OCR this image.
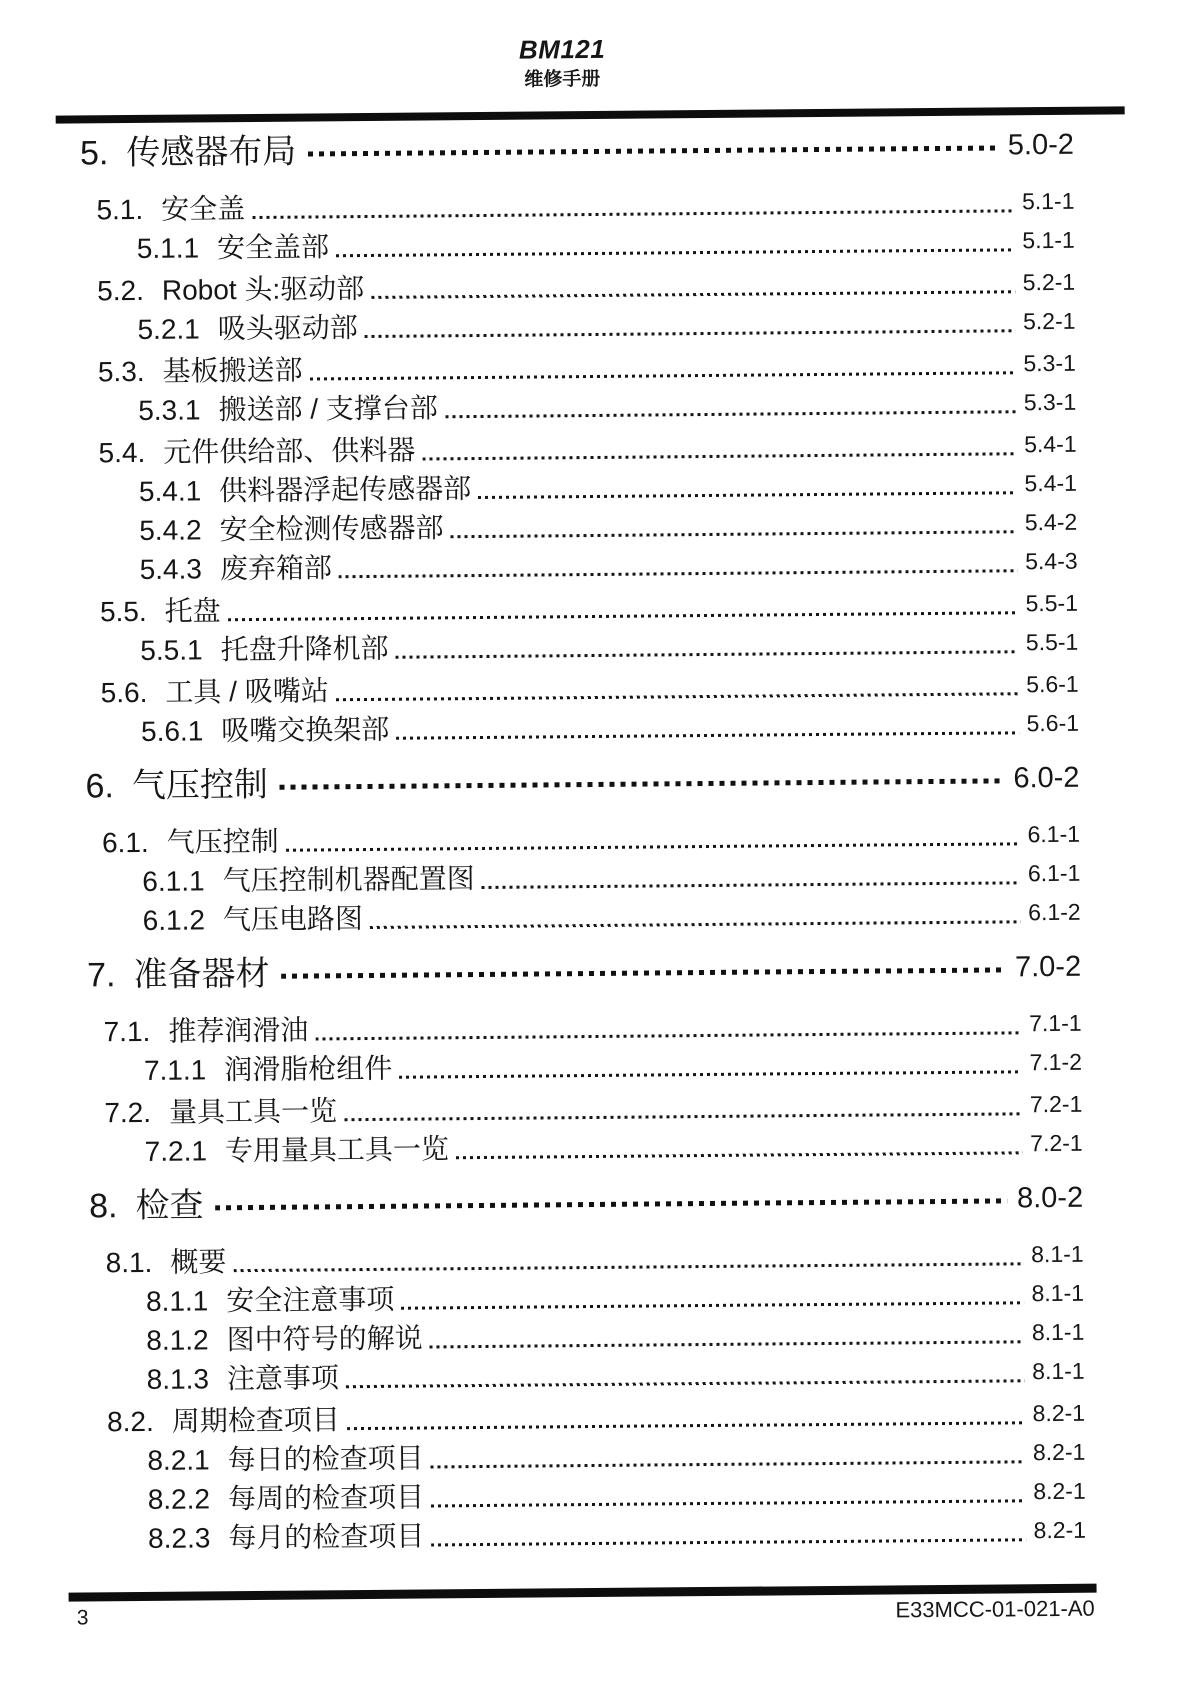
BM121
维修手册
5. 传感器布局	5.0-2
5.1. 安全盖	5.1-1
5.1.1 安全盖部	5.1-1
5.2. Robot 头:驱动部	5.2-1
5.2.1 吸头驱动部	5.2-1
5.3. 基板搬送部	5.3-1
5.3.1 搬送部 / 支撑台部	5.3-1
5.4. 元件供给部、供料器	5.4-1
5.4.1 供料器浮起传感器部	5.4-1
5.4.2 安全检测传感器部	5.4-2
5.4.3 废弃箱部	5.4-3
5.5. 托盘	5.5-1
5.5.1 托盘升降机部	5.5-1
5.6. 工具 / 吸嘴站	5.6-1
5.6.1 吸嘴交换架部	5.6-1
6. 气压控制	6.0-2
6.1. 气压控制	6.1-1
6.1.1 气压控制机器配置图	6.1-1
6.1.2 气压电路图	6.1-2
7. 准备器材	7.0-2
7.1. 推荐润滑油	7.1-1
7.1.1 润滑脂枪组件	7.1-2
7.2. 量具工具一览	7.2-1
7.2.1 专用量具工具一览	7.2-1
8. 检查	8.0-2
8.1. 概要	8.1-1
8.1.1 安全注意事项	8.1-1
8.1.2 图中符号的解说	8.1-1
8.1.3 注意事项	8.1-1
8.2. 周期检查项目	8.2-1
8.2.1 每日的检查项目	8.2-1
8.2.2 每周的检查项目	8.2-1
8.2.3 每月的检查项目	8.2-1
3	E33MCC-01-021-A0
